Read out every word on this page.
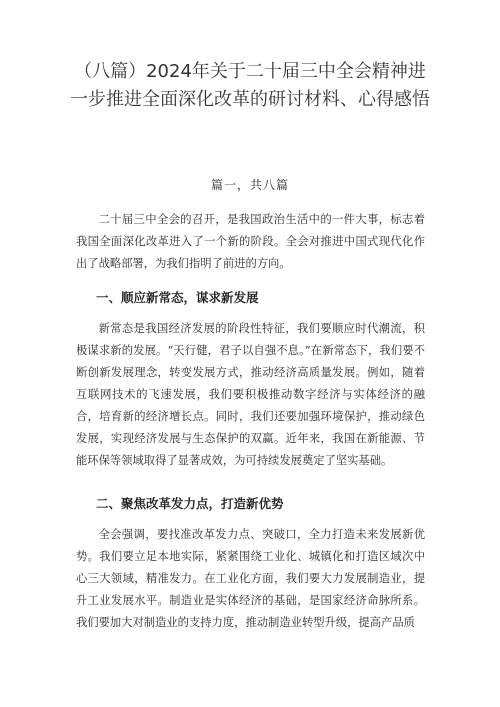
（八篇）2024年关于二十届三中全会精神进一步推进全面深化改革的研讨材料、心得感悟
篇一，共八篇

二十届三中全会的召开，是我国政治生活中的一件大事，标志着我国全面深化改革进入了一个新的阶段。全会对推进中国式现代化作出了战略部署，为我们指明了前进的方向。

一、顺应新常态，谋求新发展

新常态是我国经济发展的阶段性特征，我们要顺应时代潮流，积极谋求新的发展。“天行健，君子以自强不息。”在新常态下，我们要不断创新发展理念，转变发展方式，推动经济高质量发展。例如，随着互联网技术的飞速发展，我们要积极推动数字经济与实体经济的融合，培育新的经济增长点。同时，我们还要加强环境保护，推动绿色发展，实现经济发展与生态保护的双赢。近年来，我国在新能源、节能环保等领域取得了显著成效，为可持续发展奠定了坚实基础。

二、聚焦改革发力点，打造新优势

全会强调，要找准改革发力点、突破口，全力打造未来发展新优势。我们要立足本地实际，紧紧围绕工业化、城镇化和打造区域次中心三大领域，精准发力。在工业化方面，我们要大力发展制造业，提升工业发展水平。制造业是实体经济的基础，是国家经济命脉所系。我们要加大对制造业的支持力度，推动制造业转型升级，提高产品质
